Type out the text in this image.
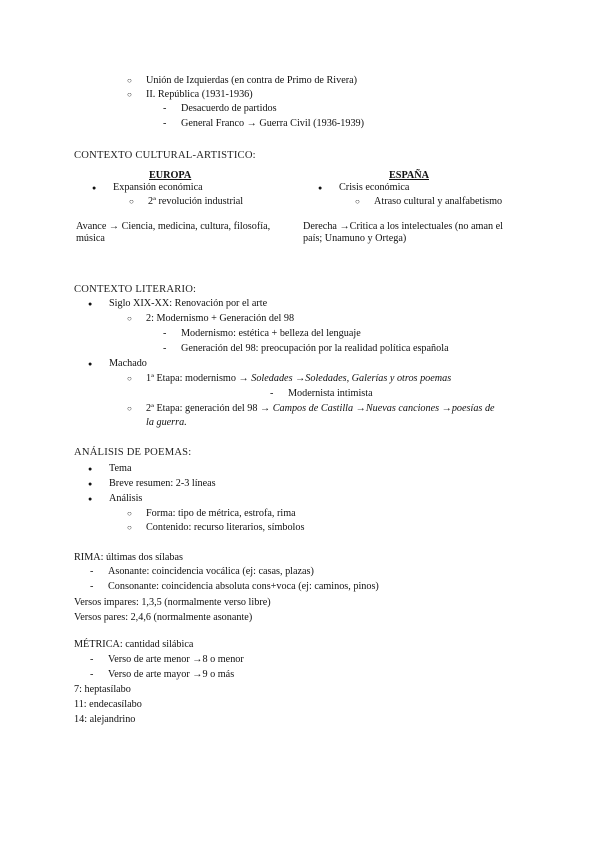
○ Unión de Izquierdas (en contra de Primo de Rivera)
○ II. República (1931-1936)
- Desacuerdo de partidos
- General Franco → Guerra Civil (1936-1939)
CONTEXTO CULTURAL-ARTISTICO:
EUROPA
● Expansión económica
○ 2ª revolución industrial
Avance → Ciencia, medicina, cultura, filosofía, música
ESPAÑA
● Crisis económica
○ Atraso cultural y analfabetismo
Derecha →Critica a los intelectuales (no aman el país; Unamuno y Ortega)
CONTEXTO LITERARIO:
● Siglo XIX-XX: Renovación por el arte
○ 2: Modernismo + Generación del 98
- Modernismo: estética + belleza del lenguaje
- Generación del 98: preocupación por la realidad política española
● Machado
○ 1ª Etapa: modernismo → Soledades →Soledades, Galerías y otros poemas
- Modernista intimista
○ 2ª Etapa: generación del 98 → Campos de Castilla →Nuevas canciones →poesías de
la guerra.
ANÁLISIS DE POEMAS:
● Tema
● Breve resumen: 2-3 líneas
● Análisis
○ Forma: tipo de métrica, estrofa, rima
○ Contenido: recurso literarios, símbolos
RIMA: últimas dos sílabas
- Asonante: coincidencia vocálica (ej: casas, plazas)
- Consonante: coincidencia absoluta cons+voca (ej: caminos, pinos)
Versos impares: 1,3,5 (normalmente verso libre)
Versos pares: 2,4,6 (normalmente asonante)
MÉTRICA: cantidad silábica
- Verso de arte menor →8 o menor
- Verso de arte mayor →9 o más
7: heptasílabo
11: endecasílabo
14: alejandrino
